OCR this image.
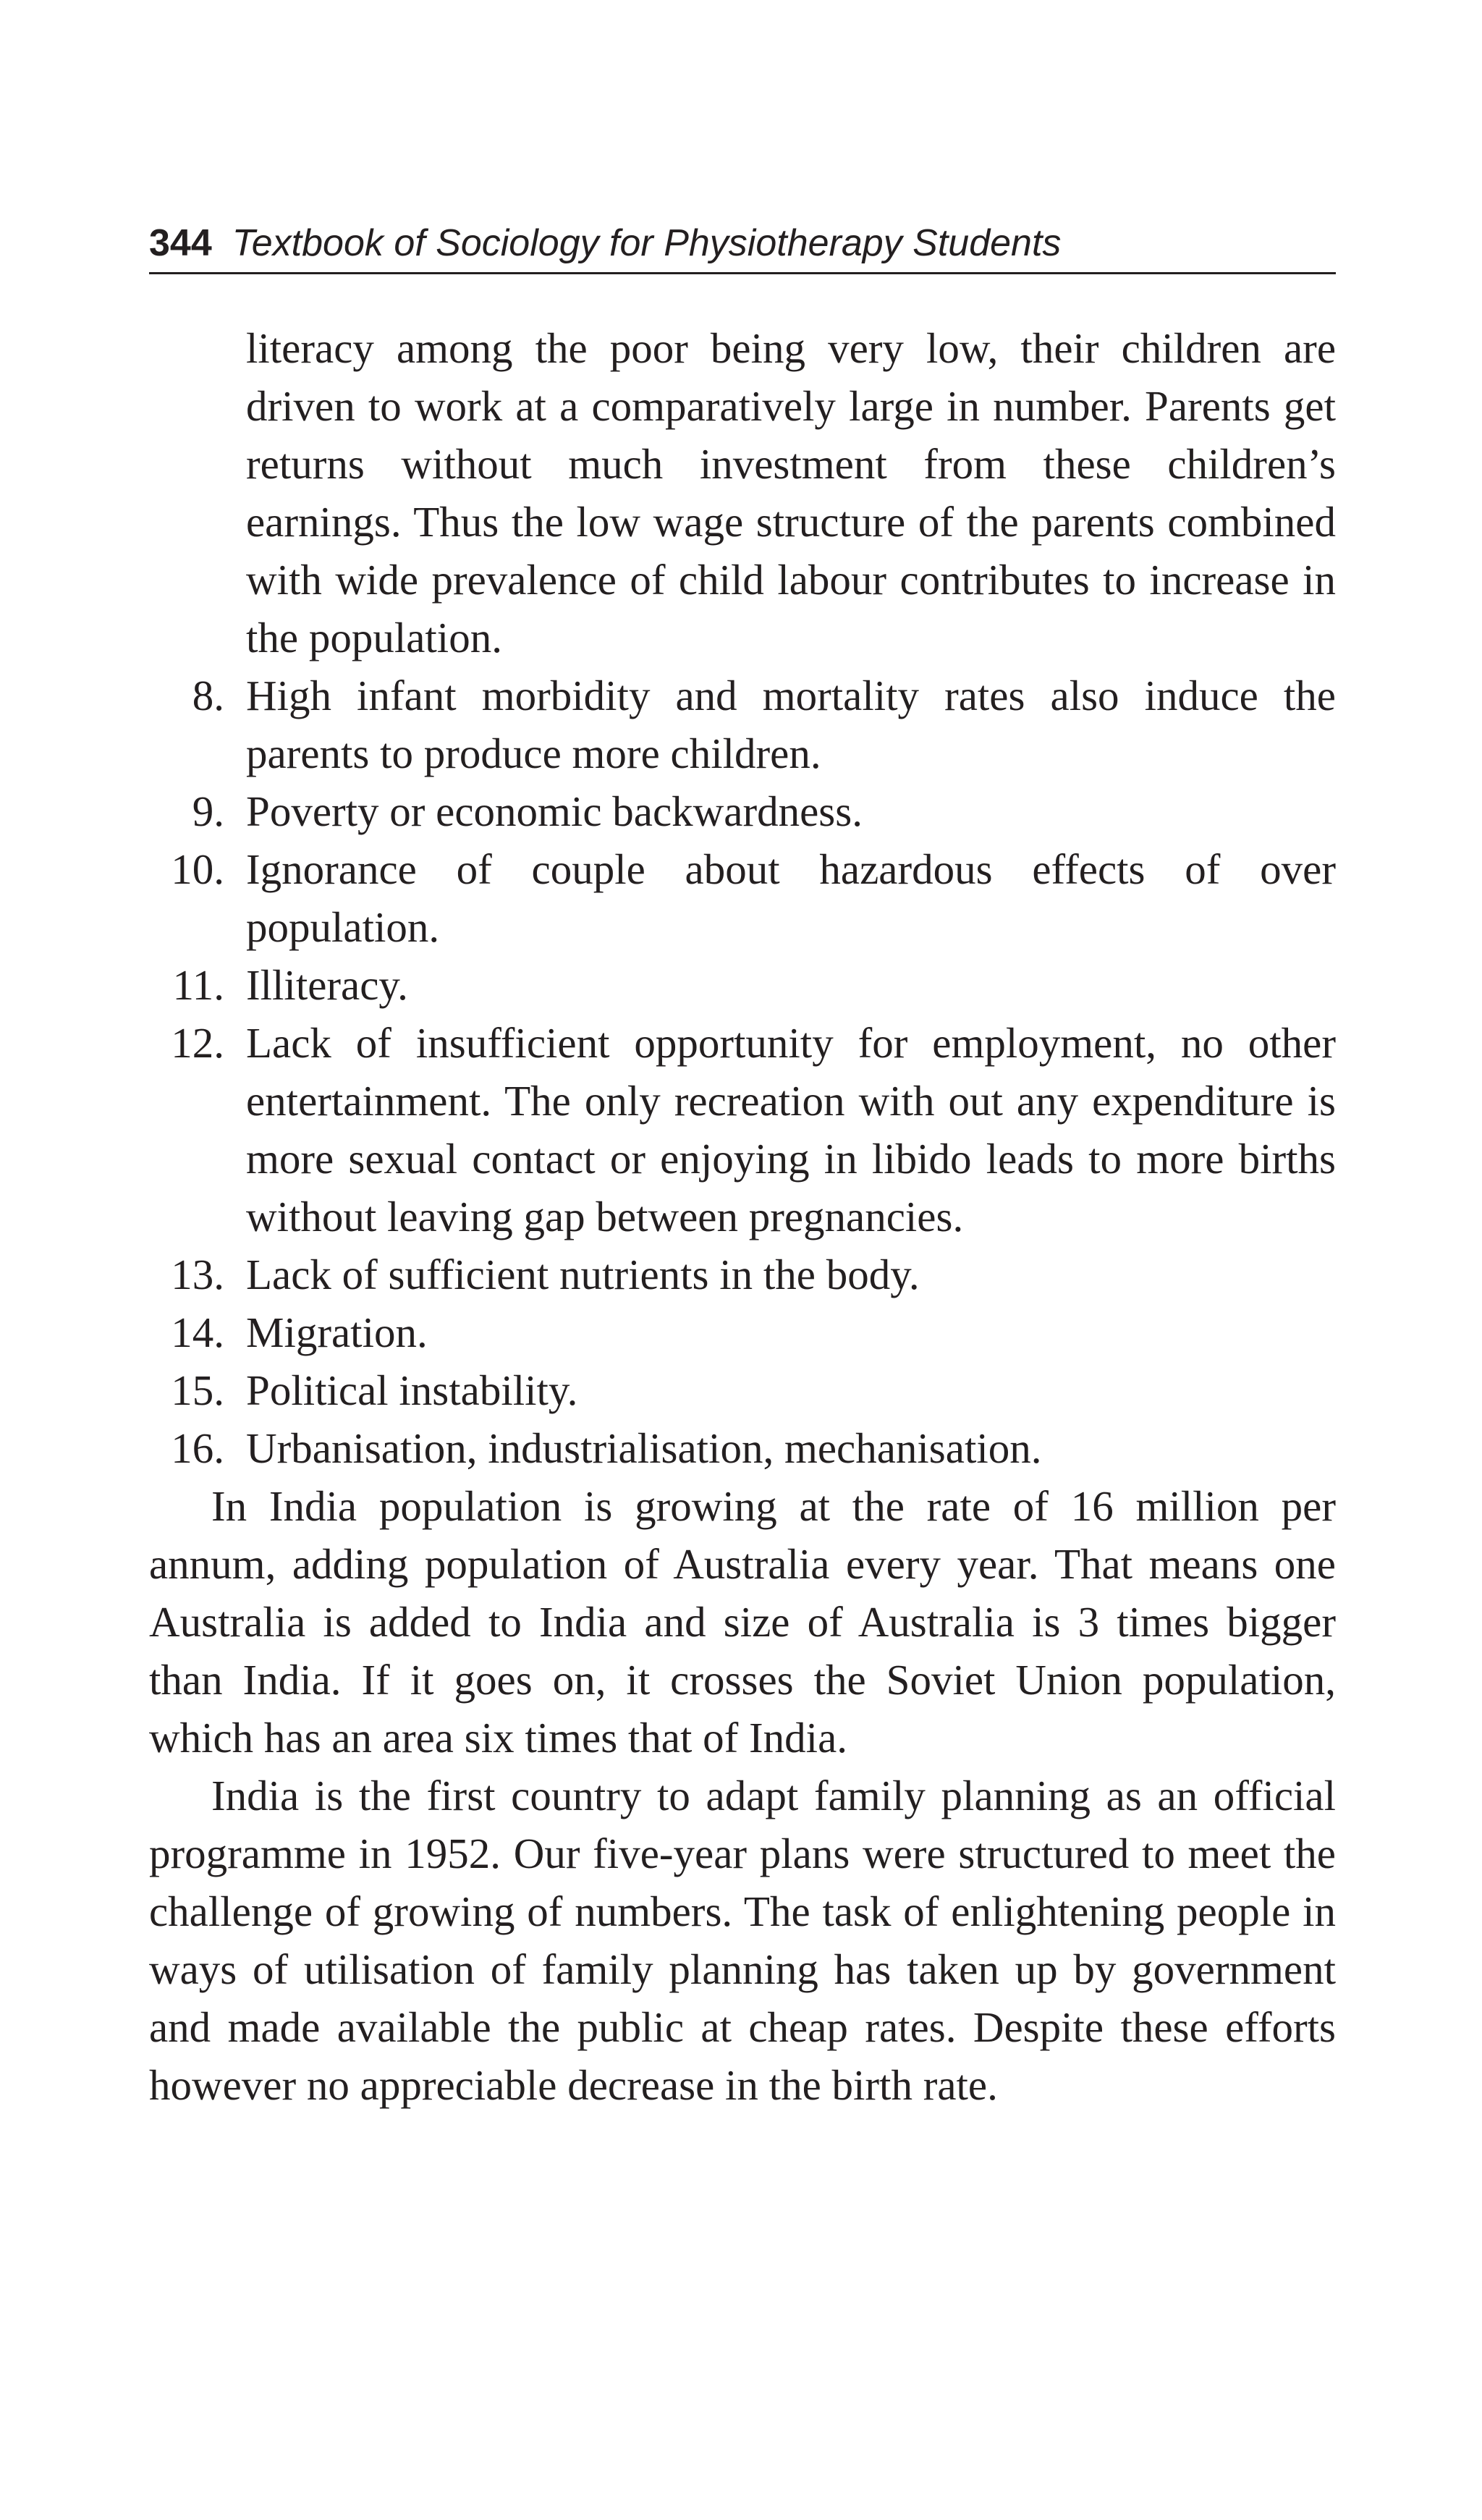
344 Textbook of Sociology for Physiotherapy Students

literacy among the poor being very low, their children are driven to work at a comparatively large in number. Parents get returns without much investment from these children’s earnings. Thus the low wage structure of the parents combined with wide prevalence of child labour contributes to increase in the population.

8. High infant morbidity and mortality rates also induce the parents to produce more children.
9. Poverty or economic backwardness.
10. Ignorance of couple about hazardous effects of over population.
11. Illiteracy.
12. Lack of insufficient opportunity for employment, no other entertainment. The only recreation with out any expenditure is more sexual contact or enjoying in libido leads to more births without leaving gap between pregnancies.
13. Lack of sufficient nutrients in the body.
14. Migration.
15. Political instability.
16. Urbanisation, industrialisation, mechanisation.

In India population is growing at the rate of 16 million per annum, adding population of Australia every year. That means one Australia is added to India and size of Australia is 3 times bigger than India. If it goes on, it crosses the Soviet Union population, which has an area six times that of India.

India is the first country to adapt family planning as an official programme in 1952. Our five-year plans were structured to meet the challenge of growing of numbers. The task of enlightening people in ways of utilisation of family planning has taken up by government and made available the public at cheap rates. Despite these efforts however no appreciable decrease in the birth rate.
